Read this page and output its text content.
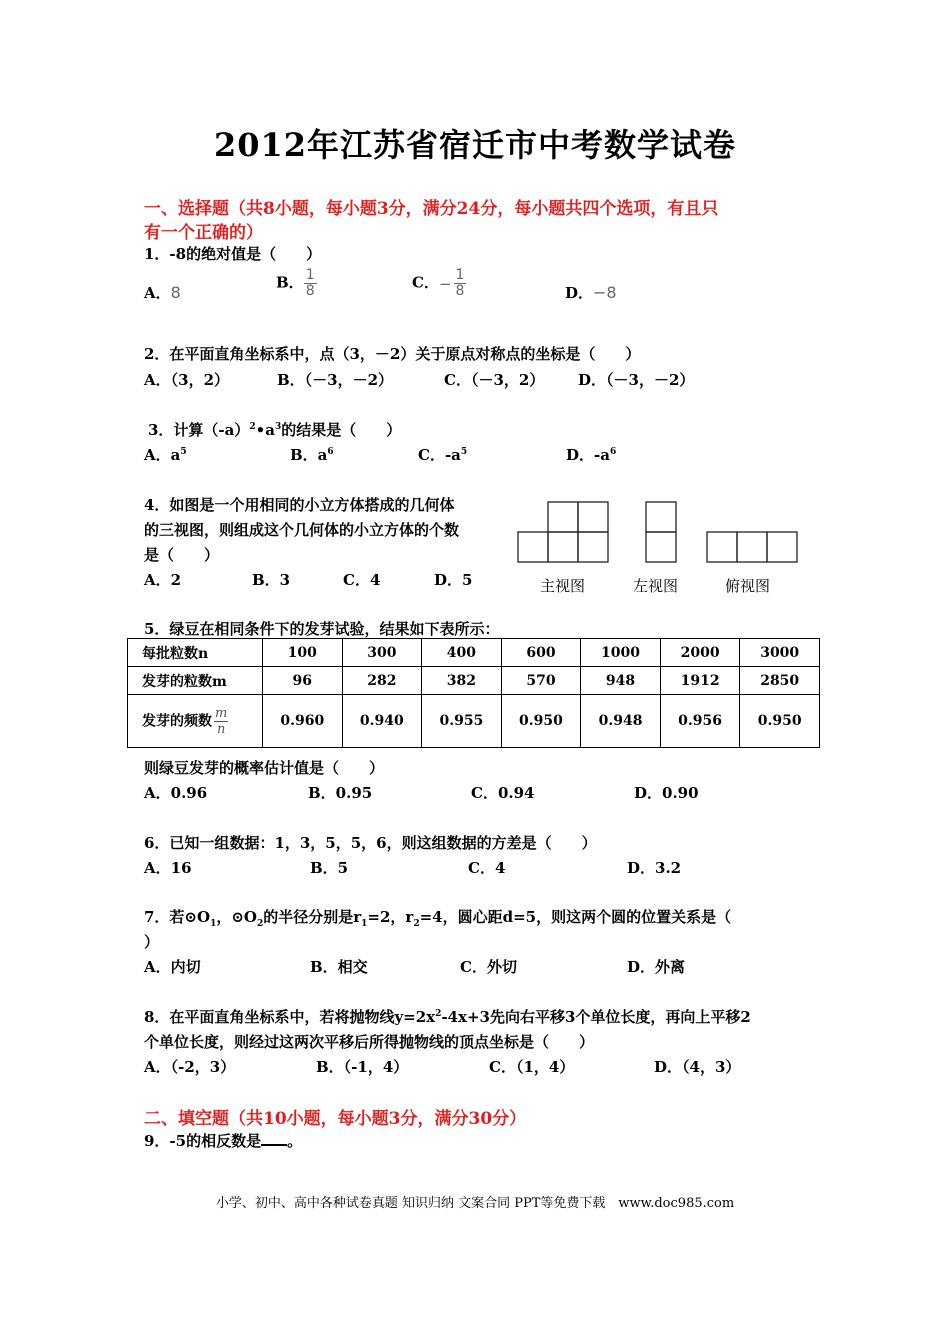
2012年江苏省宿迁市中考数学试卷
一、选择题（共8小题，每小题3分，满分24分，每小题共四个选项，有且只
有一个正确的）
1．-8的绝对值是（　　）
A．8
B． $\frac{1}{8}$	C．− $\frac{1}{8}$	D．−8
2．在平面直角坐标系中，点（3，－2）关于原点对称点的坐标是（　　）
A．（3，2）	B．（－3，－2）	C．（－3，2） D．（－3，－2）
3．计算$(-a)^2•a^3$的结果是（　　）
A．$a^5$	B．$a^6$	C．$-a^5$	D．$-a^6$
4．如图是一个用相同的小立方体搭成的几何体
的三视图，则组成这个几何体的小立方体的个数
是（　　）
A．2	B．3	C．4	D．5	主视图	左视图	俯视图
5．绿豆在相同条件下的发芽试验，结果如下表所示：
每批粒数n	100	300	400	600	1000	2000	3000
发芽的粒数m	96	282	382	570	948	1912	2850
发芽的频数 $\frac{m}{n}$	0.960	0.940	0.955	0.950	0.948	0.956	0.950
则绿豆发芽的概率估计值是（　　）
A．0.96	B．0.95	C．0.94	D．0.90
6．已知一组数据：1，3，5，5，6，则这组数据的方差是（　　）
A．16	B．5	C．4	D．3.2
7．若$⊙O_1$，$⊙O_2$的半径分别是$r_1=2$，$r_2=4$，圆心距d=5，则这两个圆的位置关系是（
）
A．内切	B．相交	C．外切	D．外离
8．在平面直角坐标系中，若将抛物线$y=2x^2-4x+3$先向右平移3个单位长度，再向上平移2
个单位长度，则经过这两次平移后所得抛物线的顶点坐标是（　　）
A．（-2，3）	B．（-1，4）	C．（1，4）	D．（4，3）
二、填空题（共10小题，每小题3分，满分30分）
9．-5的相反数是 。
小学、初中、高中各种试卷真题 知识归纳 文案合同 PPT等免费下载　www.doc985.com
